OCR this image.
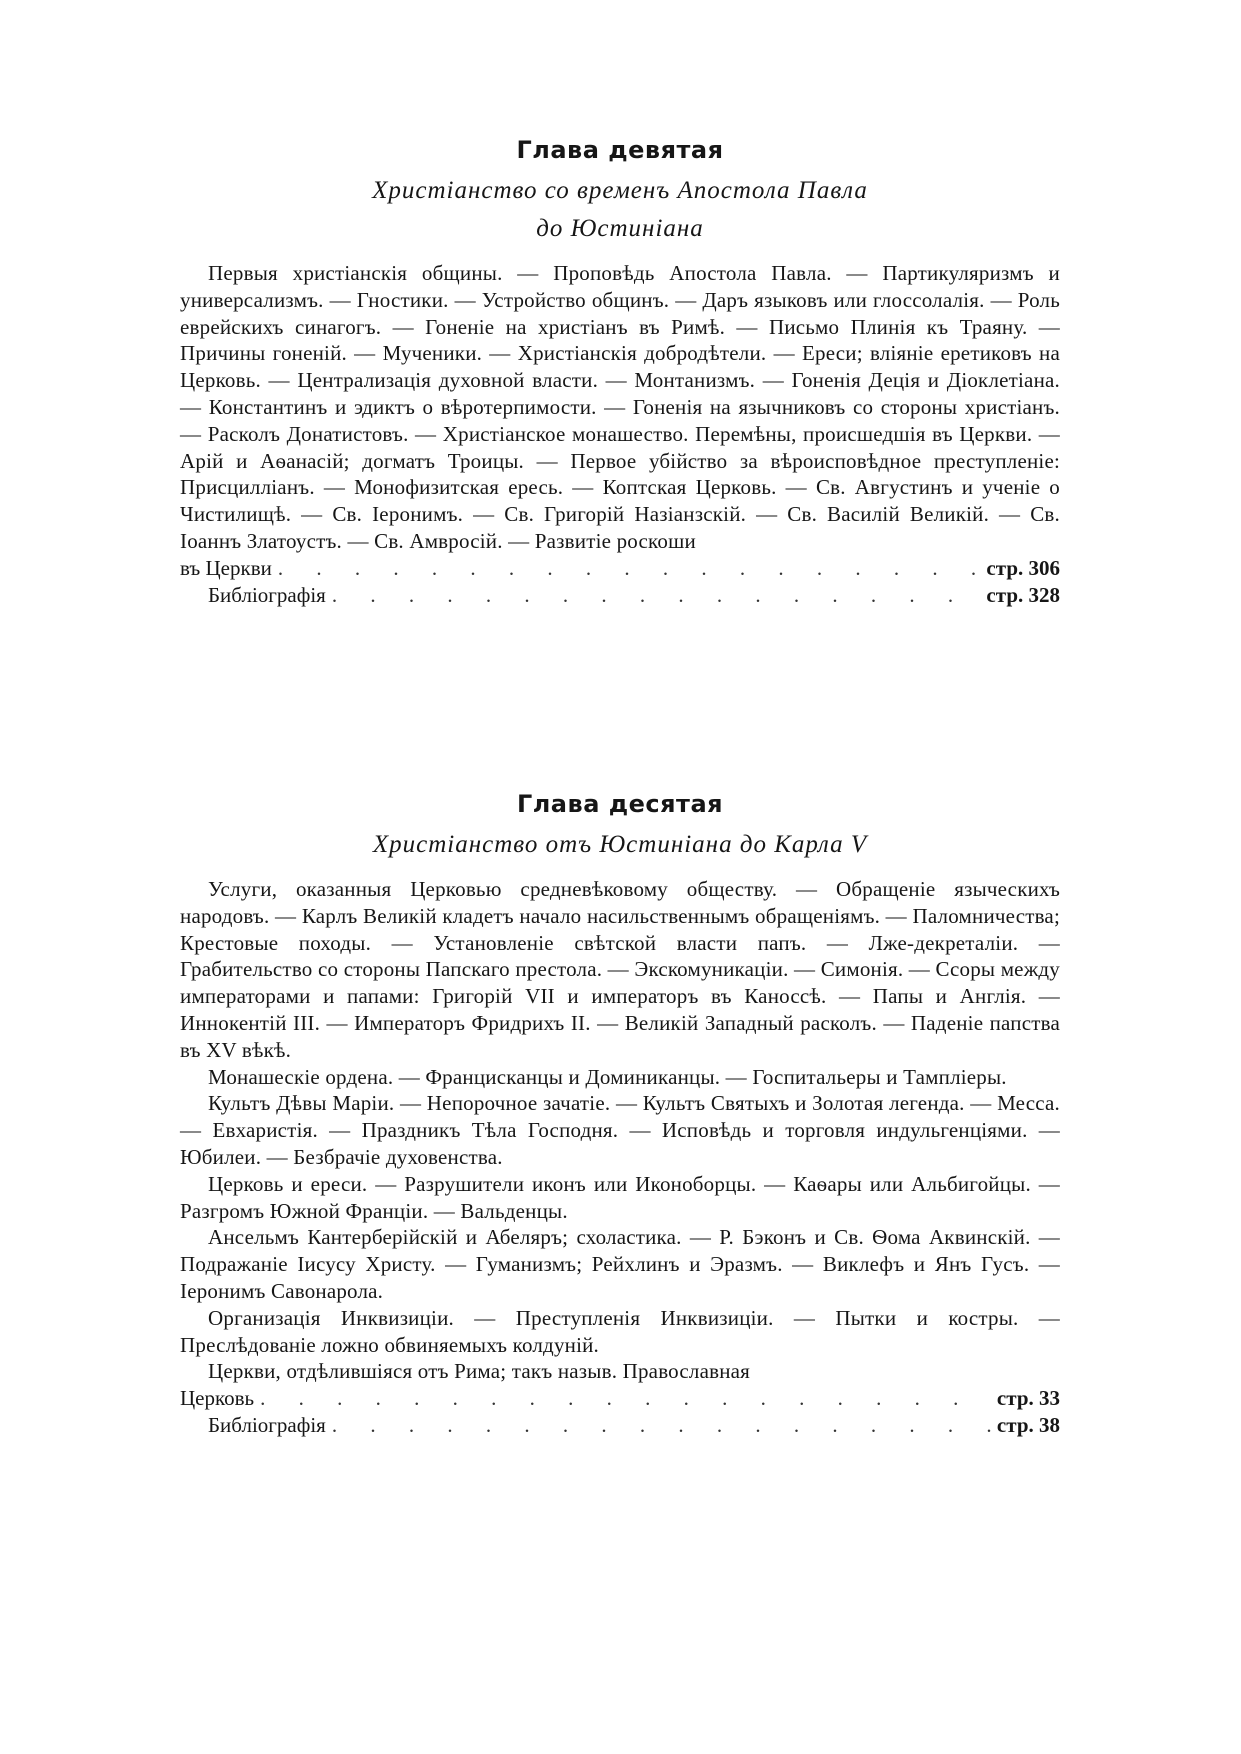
Глава девятая
Христіанство со временъ Апостола Павла
до Юстиніана

Первыя христіанскія общины. — Проповѣдь Апостола Павла. — Партикуляризмъ и универсализмъ. — Гностики. — Устройство общинъ. — Даръ языковъ или глоссолалія. — Роль еврейскихъ синагогъ. — Гоненіе на христіанъ въ Римѣ. — Письмо Плинія къ Траяну. — Причины гоненій. — Мученики. — Христіанскія добродѣтели. — Ереси; вліяніе еретиковъ на Церковь. — Централизація духовной власти. — Монтанизмъ. — Гоненія Деція и Діоклетіана. — Константинъ и эдиктъ о вѣротерпимости. — Гоненія на язычниковъ со стороны христіанъ. — Расколъ Донатистовъ. — Христіанское монашество. Перемѣны, происшедшія въ Церкви. — Арій и Аѳанасій; догматъ Троицы. — Первое убійство за вѣроисповѣдное преступленіе: Присцилліанъ. — Монофизитская ересь. — Коптская Церковь. — Св. Августинъ и ученіе о Чистилищѣ. — Св. Іеронимъ. — Св. Григорій Назіанзскій. — Св. Василій Великій. — Св. Іоаннъ Златоустъ. — Св. Амвросій. — Развитіе роскоши

въ Церкви . . .	стр. 306
Библіографія . . .	стр. 328
Глава десятая
Христіанство отъ Юстиніана до Карла V

Услуги, оказанныя Церковью средневѣковому обществу. — Обращеніе языческихъ народовъ. — Карлъ Великій кладетъ начало насильственнымъ обращеніямъ. — Паломничества; Крестовые походы. — Установленіе свѣтской власти папъ. — Лже-декреталіи. — Грабительство со стороны Папскаго престола. — Экскомуникаціи. — Симонія. — Ссоры между императорами и папами: Григорій VII и императоръ въ Каноссѣ. — Папы и Англія. — Иннокентій III. — Императоръ Фридрихъ II. — Великій Западный расколъ. — Паденіе папства въ XV вѣкѣ.

Монашескіе ордена. — Францисканцы и Доминиканцы. — Госпитальеры и Тампліеры.

Культъ Дѣвы Маріи. — Непорочное зачатіе. — Культъ Святыхъ и Золотая легенда. — Месса. — Евхаристія. — Праздникъ Тѣла Господня. — Исповѣдь и торговля индульгенціями. — Юбилеи. — Безбрачіе духовенства.

Церковь и ереси. — Разрушители иконъ или Иконоборцы. — Каѳары или Альбигойцы. — Разгромъ Южной Франціи. — Вальденцы.

Ансельмъ Кантерберійскій и Абеляръ; схоластика. — Р. Бэконъ и Св. Ѳома Аквинскій. — Подражаніе Іисусу Христу. — Гуманизмъ; Рейхлинъ и Эразмъ. — Виклефъ и Янъ Гусъ. — Іеронимъ Савонарола.

Организація Инквизиціи. — Преступленія Инквизиціи. — Пытки и костры. — Преслѣдованіе ложно обвиняемыхъ колдуній.

Церкви, отдѣлившіяся отъ Рима; такъ назыв. Православная

Церковь . . .	стр. 33
Библіографія . . .	стр. 38
